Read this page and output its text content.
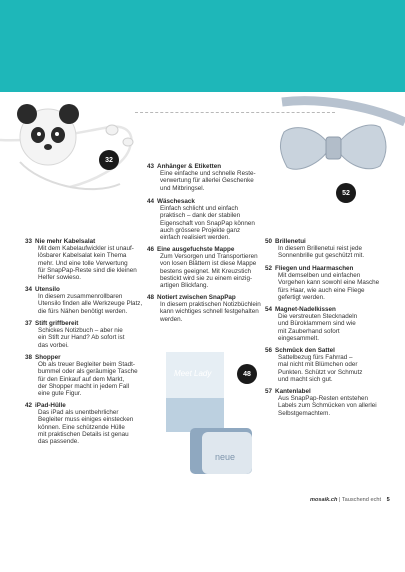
Meet Lady
neue
32
52
48
43 Anhänger & Etiketten
Eine einfache und schnelle Reste-
verwertung für allerlei Geschenke
und Mitbringsel.
44 Wäschesack
Einfach schlicht und einfach
praktisch – dank der stabilen
Eigenschaft von SnapPap können
auch grössere Projekte ganz
einfach realisiert werden.
46 Eine ausgefuchste Mappe
Zum Versorgen und Transportieren
von losen Blättern ist diese Mappe
bestens geeignet. Mit Kreuzstich
bestickt wird sie zu einem einzig-
artigen Blickfang.
48 Notiert zwischen SnapPap
In diesem praktischen Notizbüchlein
kann wichtiges schnell festgehalten
werden.
33 Nie mehr Kabelsalat
Mit dem Kabelaufwickler ist unauf-
lösbarer Kabelsalat kein Thema
mehr. Und eine tolle Verwertung
für SnapPap-Reste sind die kleinen
Helfer sowieso.
34 Utensilo
In diesem zusammenrollbaren
Utensilo finden alle Werkzeuge Platz,
die fürs Nähen benötigt werden.
37 Stift griffbereit
Schickes Notizbuch – aber nie
ein Stift zur Hand? Ab sofort ist
das vorbei.
38 Shopper
Ob als treuer Begleiter beim Stadt-
bummel oder als geräumige Tasche
für den Einkauf auf dem Markt,
der Shopper macht in jedem Fall
eine gute Figur.
42 iPad-Hülle
Das iPad als unentbehrlicher
Begleiter muss einiges einstecken
können. Eine schützende Hülle
mit praktischen Details ist genau
das passende.
50 Brillenetui
In diesem Brillenetui reist jede
Sonnenbrille gut geschützt mit.
52 Fliegen und Haarmaschen
Mit demselben und einfachen
Vorgehen kann sowohl eine Masche
fürs Haar, wie auch eine Fliege
gefertigt werden.
54 Magnet-Nadelkissen
Die verstreuten Stecknadeln
und Büroklammern sind wie
mit Zauberhand sofort
eingesammelt.
56 Schmück den Sattel
Sattelbezug fürs Fahrrad –
mal nicht mit Blümchen oder
Punkten. Schützt vor Schmutz
und macht sich gut.
57 Kantenlabel
Aus SnapPap-Resten entstehen
Labels zum Schmücken von allerlei
Selbstgemachtem.
mosaik.ch | Tauschend echt 5
